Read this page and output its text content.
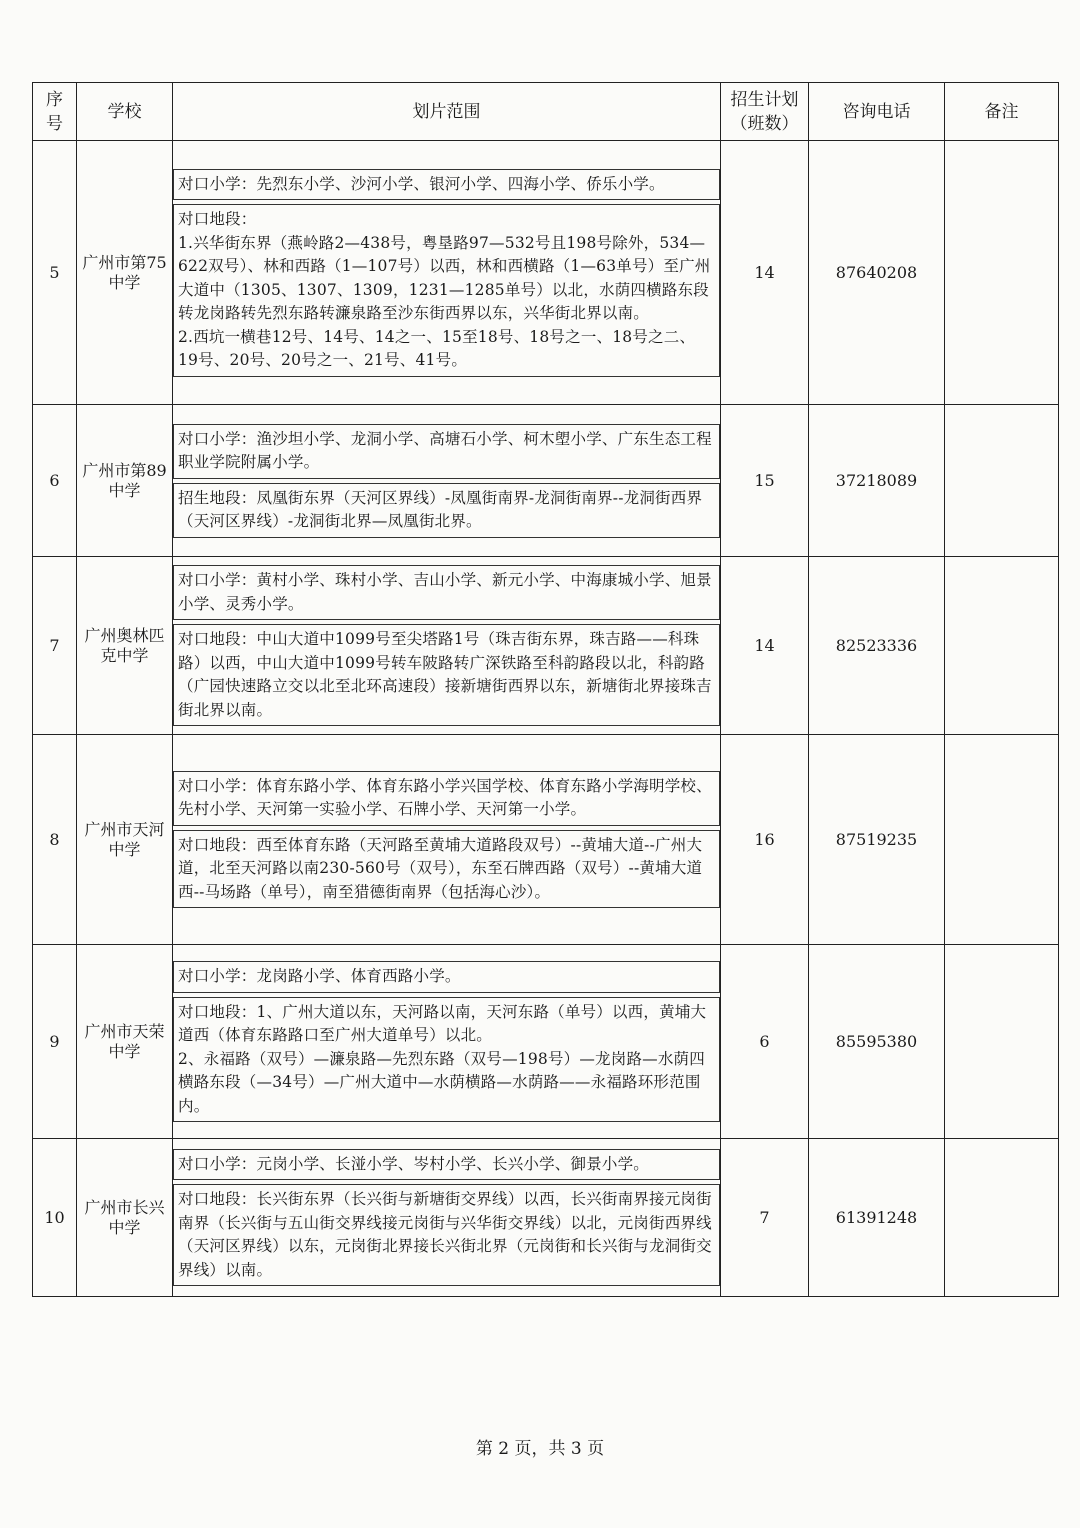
序号	学校	划片范围	招生计划（班数）	咨询电话	备注
5	广州市第75中学	对口小学：先烈东小学、沙河小学、银河小学、四海小学、侨乐小学。
对口地段：
1.兴华街东界（燕岭路2—438号，粤垦路97—532号且198号除外，534—622双号）、林和西路（1—107号）以西，林和西横路（1—63单号）至广州大道中（1305、1307、1309，1231—1285单号）以北，水荫四横路东段转龙岗路转先烈东路转濂泉路至沙东街西界以东，兴华街北界以南。
2.西坑一横巷12号、14号、14之一、15至18号、18号之一、18号之二、19号、20号、20号之一、21号、41号。	14	87640208	
6	广州市第89中学	对口小学：渔沙坦小学、龙洞小学、高塘石小学、柯木塱小学、广东生态工程职业学院附属小学。
招生地段：凤凰街东界（天河区界线）-凤凰街南界-龙洞街南界--龙洞街西界（天河区界线）-龙洞街北界—凤凰街北界。	15	37218089	
7	广州奥林匹克中学	对口小学：黄村小学、珠村小学、吉山小学、新元小学、中海康城小学、旭景小学、灵秀小学。
对口地段：中山大道中1099号至尖塔路1号（珠吉街东界，珠吉路——科珠路）以西，中山大道中1099号转车陂路转广深铁路至科韵路段以北，科韵路（广园快速路立交以北至北环高速段）接新塘街西界以东，新塘街北界接珠吉街北界以南。	14	82523336	
8	广州市天河中学	对口小学：体育东路小学、体育东路小学兴国学校、体育东路小学海明学校、先村小学、天河第一实验小学、石牌小学、天河第一小学。
对口地段：西至体育东路（天河路至黄埔大道路段双号）--黄埔大道--广州大道，北至天河路以南230-560号（双号），东至石牌西路（双号）--黄埔大道西--马场路（单号），南至猎德街南界（包括海心沙）。	16	87519235	
9	广州市天荣中学	对口小学：龙岗路小学、体育西路小学。
对口地段：1、广州大道以东，天河路以南，天河东路（单号）以西，黄埔大道西（体育东路路口至广州大道单号）以北。
2、永福路（双号）—濂泉路—先烈东路（双号—198号）—龙岗路—水荫四横路东段（—34号）—广州大道中—水荫横路—水荫路——永福路环形范围内。	6	85595380	
10	广州市长兴中学	对口小学：元岗小学、长湴小学、岑村小学、长兴小学、御景小学。
对口地段：长兴街东界（长兴街与新塘街交界线）以西，长兴街南界接元岗街南界（长兴街与五山街交界线接元岗街与兴华街交界线）以北，元岗街西界线（天河区界线）以东，元岗街北界接长兴街北界（元岗街和长兴街与龙洞街交界线）以南。	7	61391248	
第 2 页，共 3 页
